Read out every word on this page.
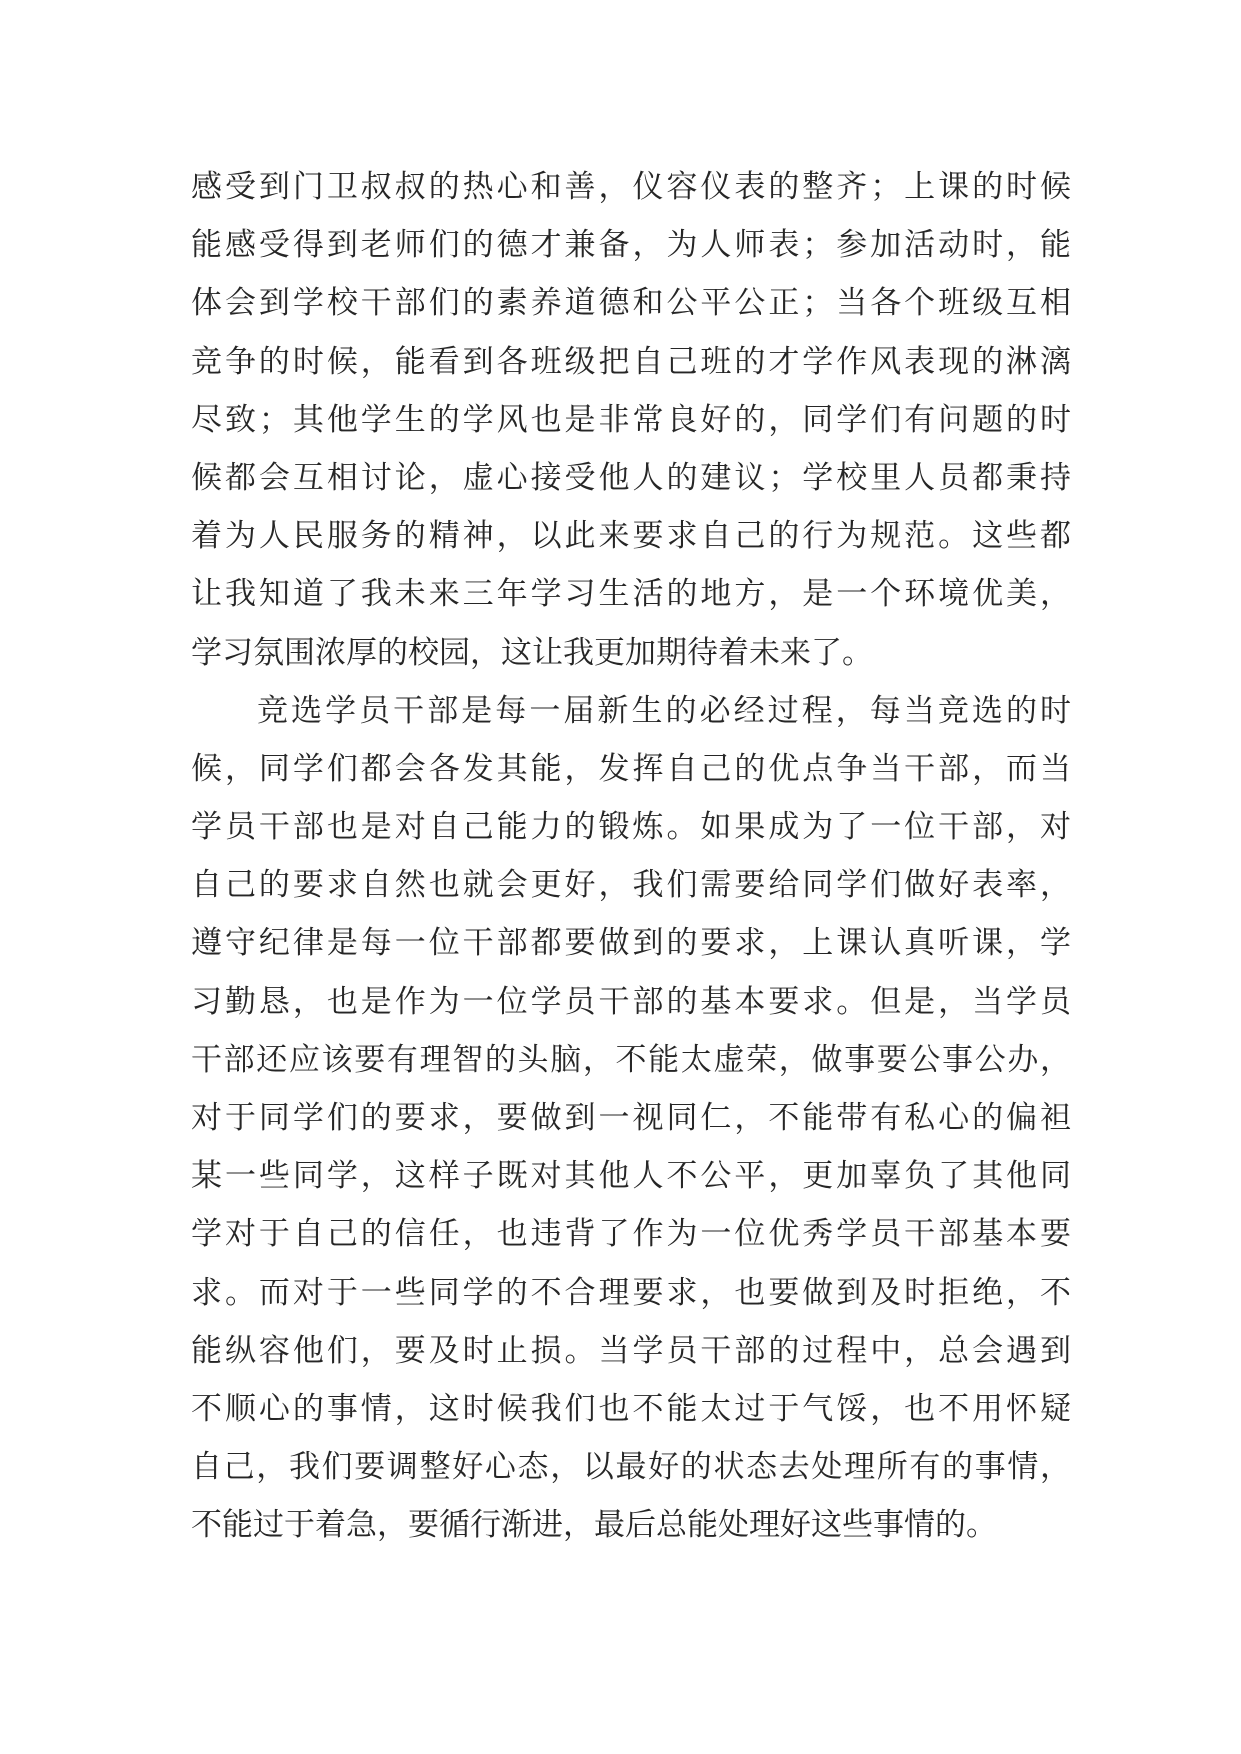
感受到门卫叔叔的热心和善，仪容仪表的整齐；上课的时候
能感受得到老师们的德才兼备，为人师表；参加活动时，能
体会到学校干部们的素养道德和公平公正；当各个班级互相
竞争的时候，能看到各班级把自己班的才学作风表现的淋漓
尽致；其他学生的学风也是非常良好的，同学们有问题的时
候都会互相讨论，虚心接受他人的建议；学校里人员都秉持
着为人民服务的精神，以此来要求自己的行为规范。这些都
让我知道了我未来三年学习生活的地方，是一个环境优美，
学习氛围浓厚的校园，这让我更加期待着未来了。
竞选学员干部是每一届新生的必经过程，每当竞选的时
候，同学们都会各发其能，发挥自己的优点争当干部，而当
学员干部也是对自己能力的锻炼。如果成为了一位干部，对
自己的要求自然也就会更好，我们需要给同学们做好表率，
遵守纪律是每一位干部都要做到的要求，上课认真听课，学
习勤恳，也是作为一位学员干部的基本要求。但是，当学员
干部还应该要有理智的头脑，不能太虚荣，做事要公事公办，
对于同学们的要求，要做到一视同仁，不能带有私心的偏袒
某一些同学，这样子既对其他人不公平，更加辜负了其他同
学对于自己的信任，也违背了作为一位优秀学员干部基本要
求。而对于一些同学的不合理要求，也要做到及时拒绝，不
能纵容他们，要及时止损。当学员干部的过程中，总会遇到
不顺心的事情，这时候我们也不能太过于气馁，也不用怀疑
自己，我们要调整好心态，以最好的状态去处理所有的事情，
不能过于着急，要循行渐进，最后总能处理好这些事情的。
